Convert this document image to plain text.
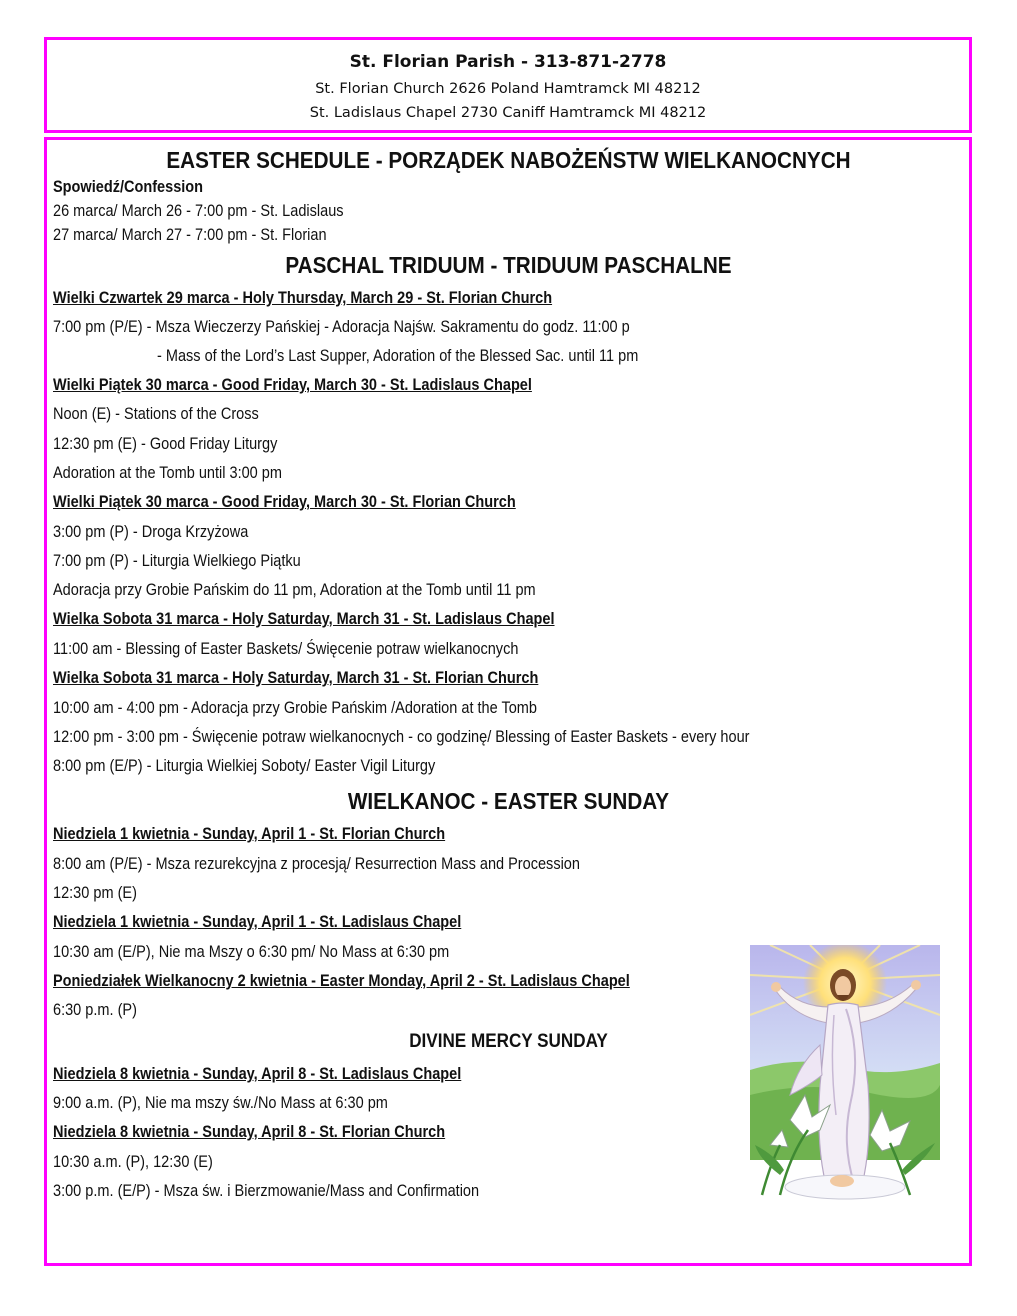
St. Florian Parish - 313-871-2778
St. Florian Church 2626 Poland Hamtramck MI 48212
St. Ladislaus Chapel 2730 Caniff Hamtramck MI 48212
EASTER SCHEDULE - PORZĄDEK NABOŻEŃSTW WIELKANOCNYCH
Spowiedź/Confession
26 marca/ March 26 - 7:00 pm - St. Ladislaus
27 marca/ March 27 - 7:00 pm - St. Florian
PASCHAL TRIDUUM - TRIDUUM PASCHALNE
Wielki Czwartek 29 marca - Holy Thursday, March 29 - St. Florian Church
7:00 pm (P/E) - Msza Wieczerzy Pańskiej - Adoracja Najśw. Sakramentu do godz. 11:00 p
- Mass of the Lord’s Last Supper, Adoration of the Blessed Sac. until 11 pm
Wielki Piątek 30 marca - Good Friday, March 30 - St. Ladislaus Chapel
Noon (E) - Stations of the Cross
12:30 pm (E) - Good Friday Liturgy
Adoration at the Tomb until 3:00 pm
Wielki Piątek 30 marca - Good Friday, March 30 - St. Florian Church
3:00 pm (P) - Droga Krzyżowa
7:00 pm (P) - Liturgia Wielkiego Piątku
Adoracja przy Grobie Pańskim do 11 pm, Adoration at the Tomb until 11 pm
Wielka Sobota 31 marca - Holy Saturday, March 31 - St. Ladislaus Chapel
11:00 am - Blessing of Easter Baskets/ Święcenie potraw wielkanocnych
Wielka Sobota 31 marca - Holy Saturday, March 31 - St. Florian Church
10:00 am - 4:00 pm - Adoracja przy Grobie Pańskim /Adoration at the Tomb
12:00 pm - 3:00 pm - Święcenie potraw wielkanocnych - co godzinę/ Blessing of Easter Baskets - every hour
8:00 pm (E/P) - Liturgia Wielkiej Soboty/ Easter Vigil Liturgy
WIELKANOC - EASTER SUNDAY
Niedziela 1 kwietnia - Sunday, April 1 - St. Florian Church
8:00 am (P/E) - Msza rezurekcyjna z procesją/ Resurrection Mass and Procession
12:30 pm (E)
Niedziela 1 kwietnia - Sunday, April 1 - St. Ladislaus Chapel
10:30 am (E/P), Nie ma Mszy o 6:30 pm/ No Mass at 6:30 pm
Poniedziałek Wielkanocny 2 kwietnia - Easter Monday, April 2 - St. Ladislaus Chapel
6:30 p.m. (P)
DIVINE MERCY SUNDAY
Niedziela 8 kwietnia - Sunday, April 8 - St. Ladislaus Chapel
9:00 a.m. (P), Nie ma mszy św./No Mass at 6:30 pm
Niedziela 8 kwietnia - Sunday, April 8 - St. Florian Church
10:30 a.m. (P), 12:30 (E)
3:00 p.m. (E/P) - Msza św. i Bierzmowanie/Mass and Confirmation
